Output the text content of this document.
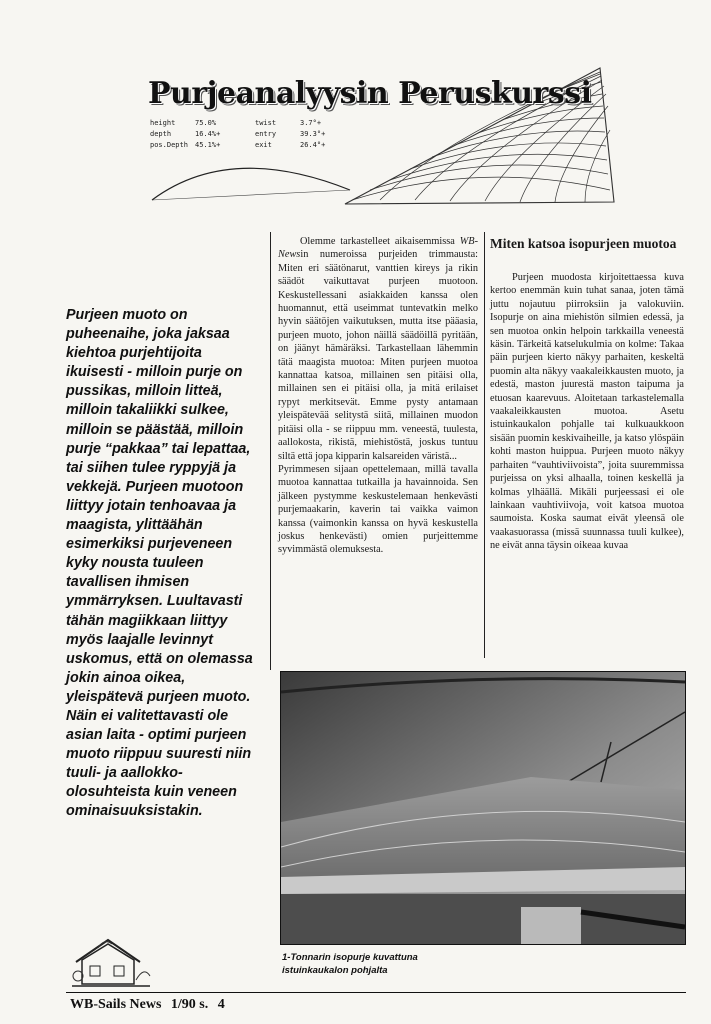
Purjeanalyysin Peruskurssi
height	75.0%	twist	3.7°+
depth	16.4%+	entry	39.3°+
pos.Depth	45.1%+	exit	26.4°+
Purjeen muoto on puheenaihe, joka jaksaa kiehtoa purjehtijoita ikuisesti - milloin purje on pussikas, milloin litteä, milloin takaliikki sulkee, milloin se päästää, milloin purje “pakkaa” tai lepattaa, tai siihen tulee ryppyjä ja vekkejä. Purjeen muotoon liittyy jotain tenhoavaa ja maagista, ylittäähän esimerkiksi purjeveneen kyky nousta tuuleen tavallisen ihmisen ymmärryksen. Luultavasti tähän magiikkaan liittyy myös laajalle levinnyt uskomus, että on olemassa jokin ainoa oikea, yleispätevä purjeen muoto. Näin ei valitettavasti ole asian laita - optimi purjeen muoto riippuu suuresti niin tuuli- ja aallokko-olosuhteista kuin veneen ominaisuuksistakin.

Olemme tarkastelleet aikaisemmissa WB-Newsin numeroissa purjeiden trimmausta: Miten eri säätönarut, vanttien kireys ja rikin säädöt vaikuttavat purjeen muotoon. Keskustellessani asiakkaiden kanssa olen huomannut, että useimmat tuntevatkin melko hyvin säätöjen vaikutuksen, mutta itse pääasia, purjeen muoto, johon näillä säädöillä pyritään, on jäänyt hämäräksi. Tarkastellaan lähemmin tätä maagista muotoa: Miten purjeen muotoa kannattaa katsoa, millainen sen pitäisi olla, millainen sen ei pitäisi olla, ja mitä erilaiset rypyt merkitsevät. Emme pysty antamaan yleispätevää selitystä siitä, millainen muodon pitäisi olla - se riippuu mm. veneestä, tuulesta, aallokosta, rikistä, miehistöstä, joskus tuntuu siltä että jopa kipparin kalsareiden väristä...

Pyrimmesen sijaan opettelemaan, millä tavalla muotoa kannattaa tutkailla ja havainnoida. Sen jälkeen pystymme keskustelemaan henkevästi purjemaakarin, kaverin tai vaikka vaimon kanssa (vaimonkin kanssa on hyvä keskustella joskus henkevästi) omien purjeittemme syvimmästä olemuksesta.

Miten katsoa isopurjeen muotoa

Purjeen muodosta kirjoitettaessa kuva kertoo enemmän kuin tuhat sanaa, joten tämä juttu nojautuu piirroksiin ja valokuviin. Isopurje on aina miehistön silmien edessä, ja sen muotoa onkin helpoin tarkkailla veneestä käsin. Tärkeitä katselukulmia on kolme: Takaa päin purjeen kierto näkyy parhaiten, keskeltä puomin alta näkyy vaakaleikkausten muoto, ja edestä, maston juurestä maston taipuma ja etuosan kaarevuus. Aloitetaan tarkastelemalla vaakaleikkausten muotoa. Asetu istuinkaukalon pohjalle tai kulkuaukkoon sisään puomin keskivaiheille, ja katso ylöspäin kohti maston huippua. Purjeen muoto näkyy parhaiten “vauhtiviivoista”, joita suuremmissa purjeissa on yksi alhaalla, toinen keskellä ja kolmas ylhäällä. Mikäli purjeessasi ei ole lainkaan vauhtiviivoja, voit katsoa muotoa saumoista. Koska saumat eivät yleensä ole vaakasuorassa (missä suunnassa tuuli kulkee), ne eivät anna täysin oikeaa kuvaa

1-Tonnarin isopurje kuvattuna istuinkaukalon pohjalta
WB-Sails News 1/90 s. 4
